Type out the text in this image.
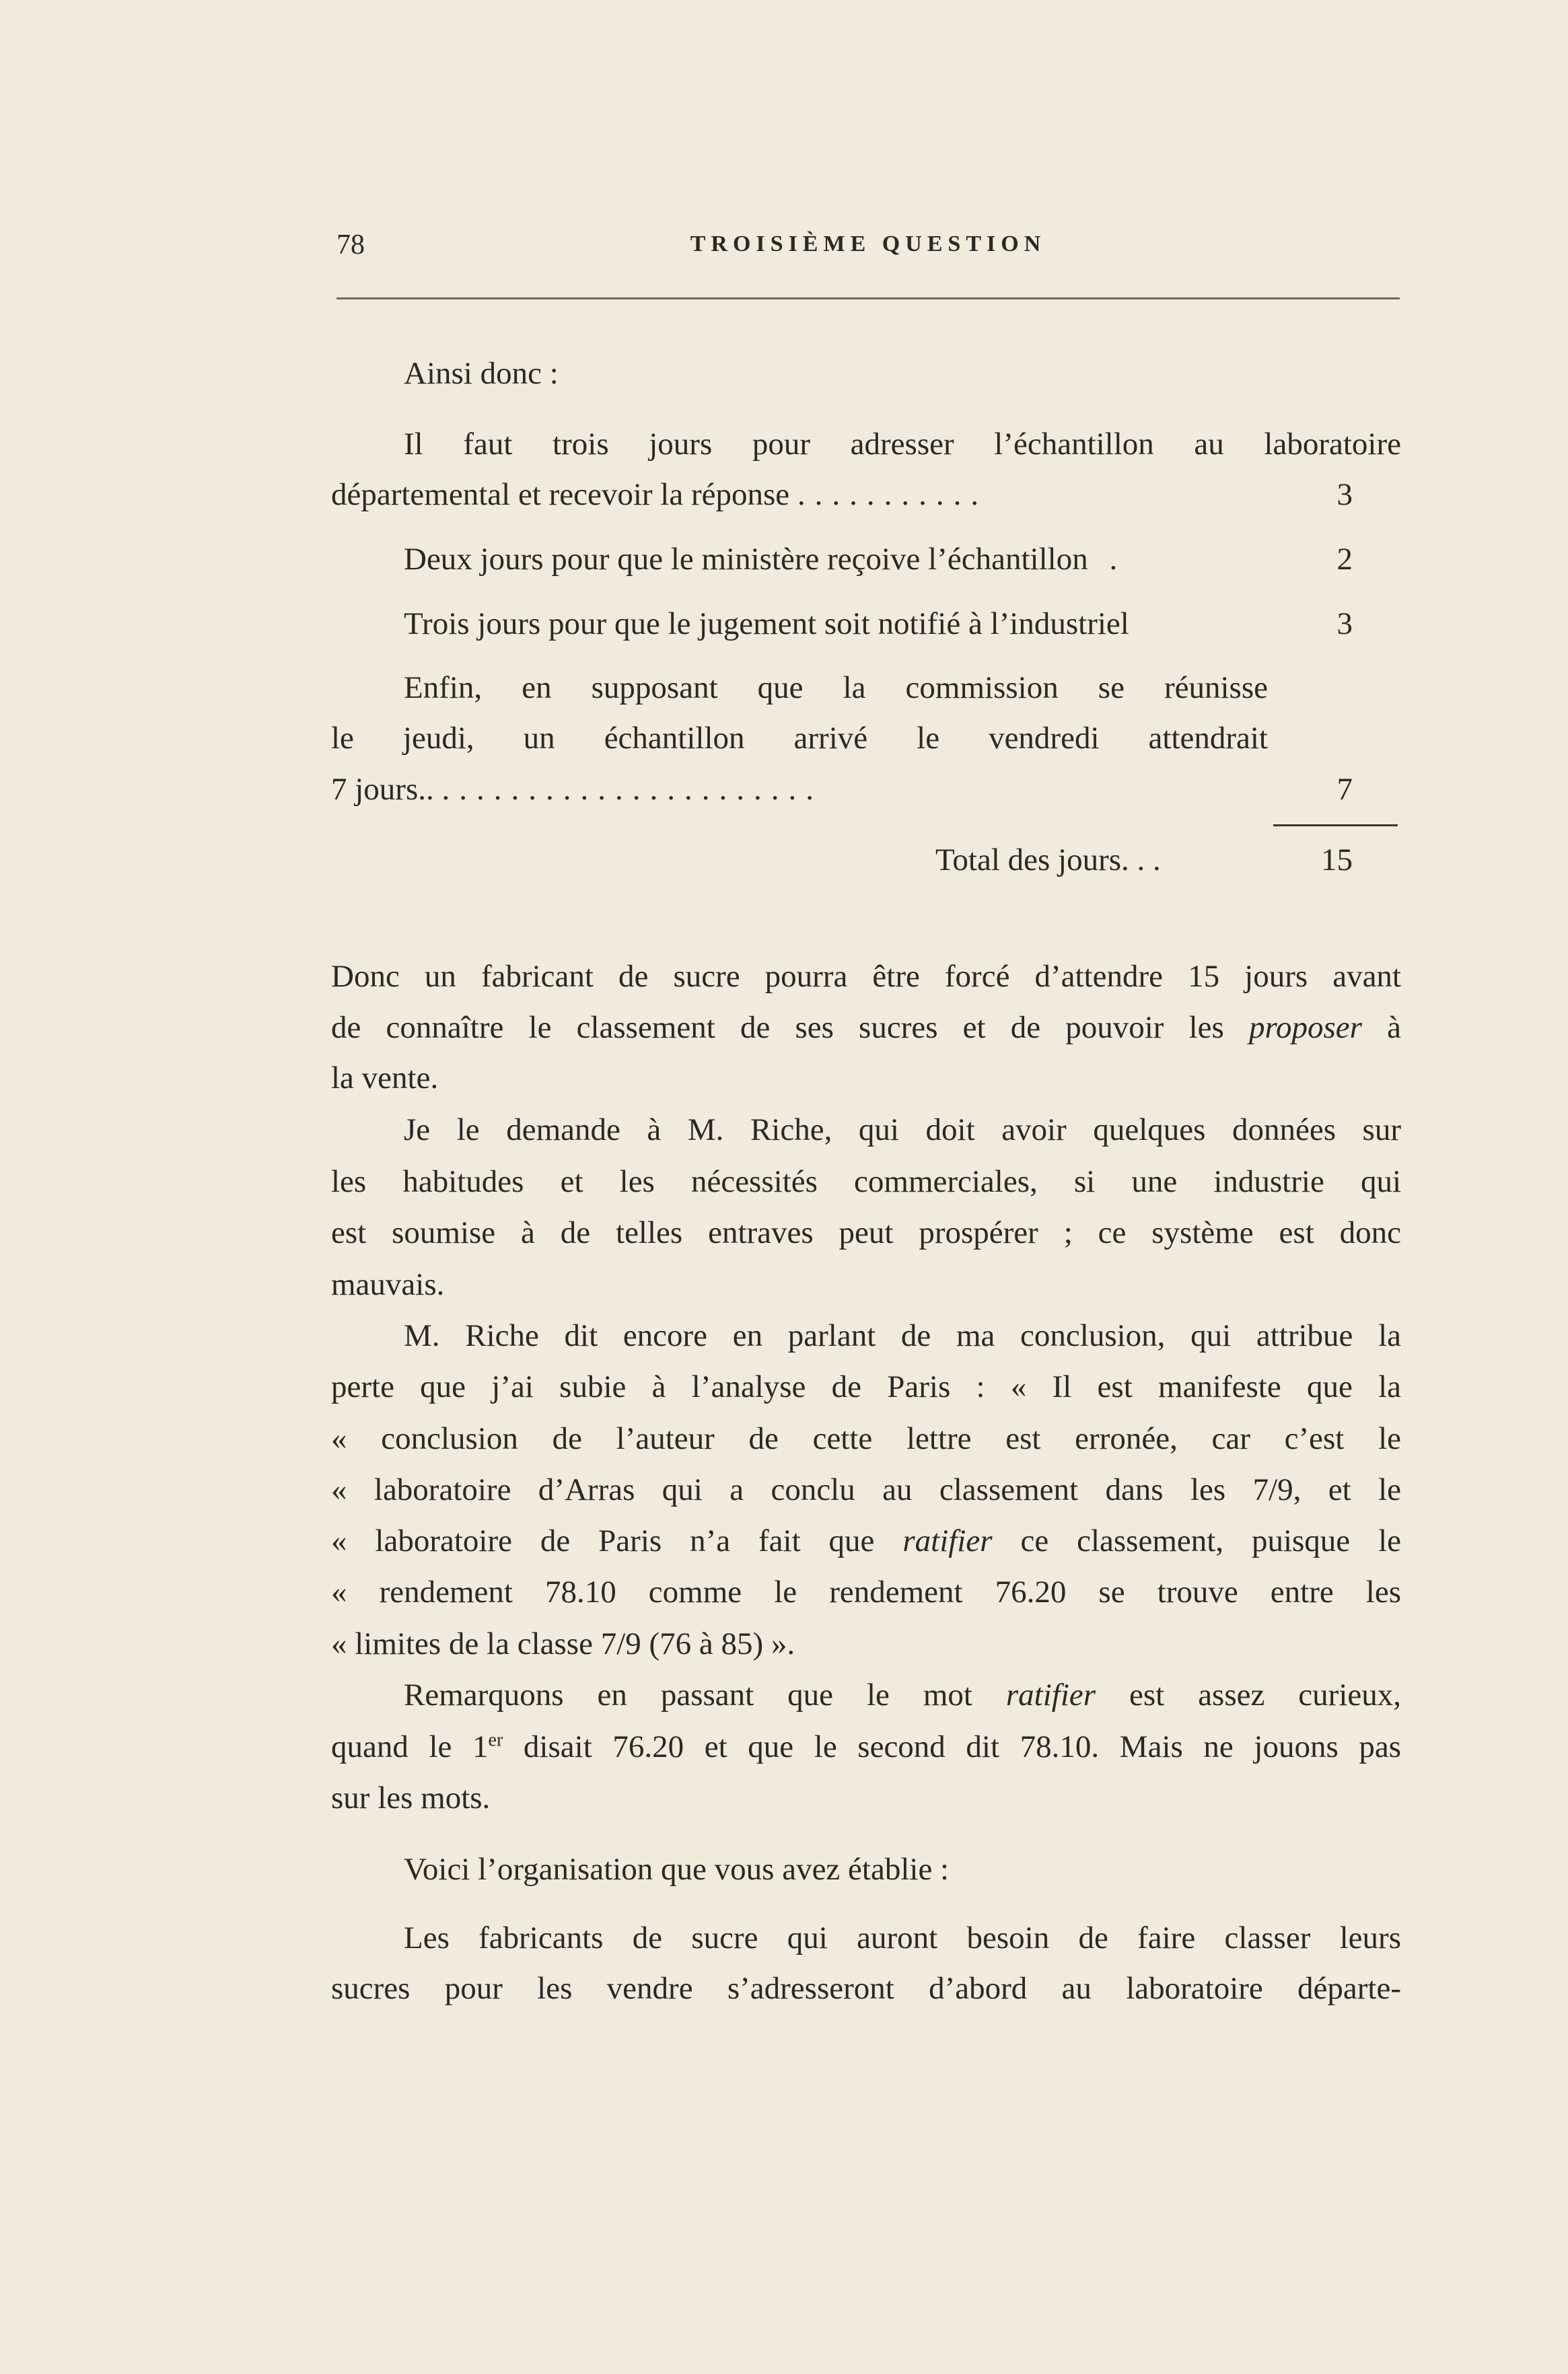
78	TROISIÈME QUESTION
Ainsi donc :
Il faut trois jours pour adresser l’échantillon au laboratoire
départemental et recevoir la réponse ...........	3
Deux jours pour que le ministère reçoive l’échantillon .	2
Trois jours pour que le jugement soit notifié à l’industriel	3
Enfin, en supposant que la commission se réunisse
le jeudi, un échantillon arrivé le vendredi attendrait
7 jours.. ......................	7
Total des jours. . .	15
Donc un fabricant de sucre pourra être forcé d’attendre 15 jours avant
de connaître le classement de ses sucres et de pouvoir les proposer à
la vente.
Je le demande à M. Riche, qui doit avoir quelques données sur
les habitudes et les nécessités commerciales, si une industrie qui
est soumise à de telles entraves peut prospérer ; ce système est donc
mauvais.
M. Riche dit encore en parlant de ma conclusion, qui attribue la
perte que j’ai subie à l’analyse de Paris : « Il est manifeste que la
« conclusion de l’auteur de cette lettre est erronée, car c’est le
« laboratoire d’Arras qui a conclu au classement dans les 7/9, et le
« laboratoire de Paris n’a fait que ratifier ce classement, puisque le
« rendement 78.10 comme le rendement 76.20 se trouve entre les
« limites de la classe 7/9 (76 à 85) ».
Remarquons en passant que le mot ratifier est assez curieux,
quand le 1er disait 76.20 et que le second dit 78.10. Mais ne jouons pas
sur les mots.
Voici l’organisation que vous avez établie :
Les fabricants de sucre qui auront besoin de faire classer leurs
sucres pour les vendre s’adresseront d’abord au laboratoire départe-
